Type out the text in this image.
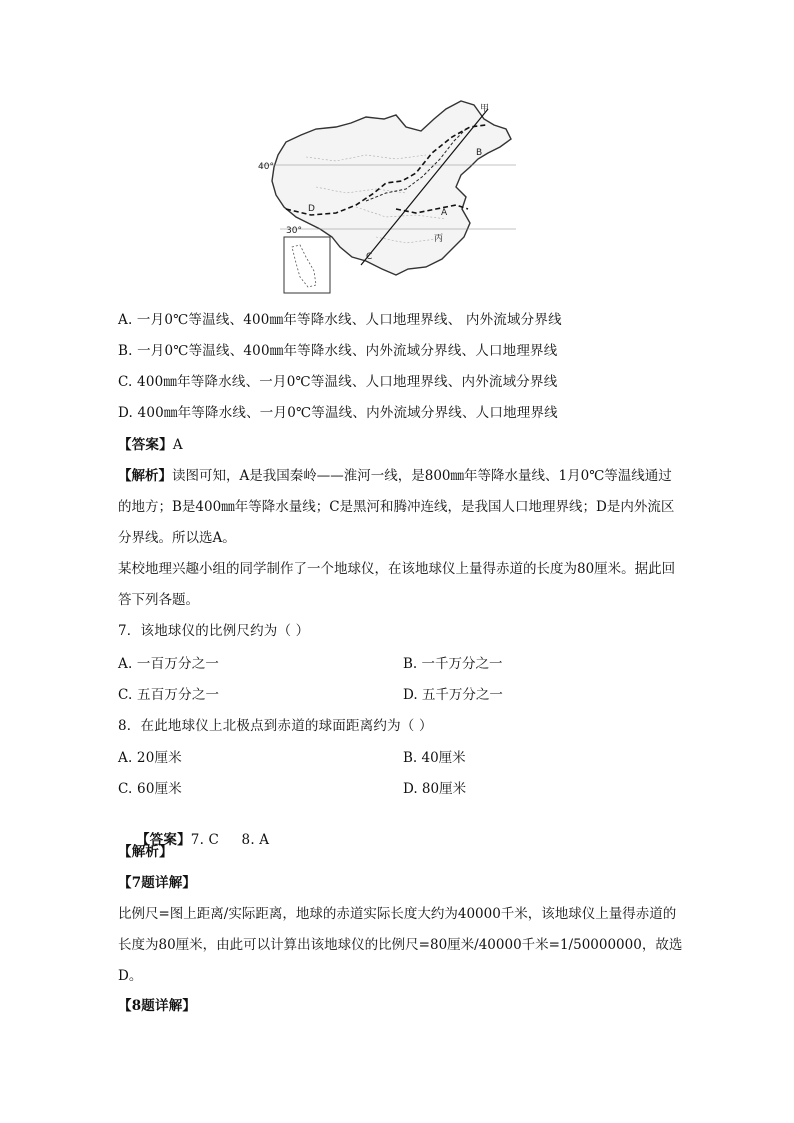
甲
B
A
丙
C
D
40°
30°
A. 一月0℃等温线、400㎜年等降水线、人口地理界线、 内外流域分界线
B. 一月0℃等温线、400㎜年等降水线、内外流域分界线、人口地理界线
C. 400㎜年等降水线、一月0℃等温线、人口地理界线、内外流域分界线
D. 400㎜年等降水线、一月0℃等温线、内外流域分界线、人口地理界线
【答案】A
【解析】读图可知，A是我国秦岭——淮河一线，是800㎜年等降水量线、1月0℃等温线通过的地方；B是400㎜年等降水量线；C是黑河和腾冲连线，是我国人口地理界线；D是内外流区分界线。所以选A。
某校地理兴趣小组的同学制作了一个地球仪，在该地球仪上量得赤道的长度为80厘米。据此回答下列各题。
7．该地球仪的比例尺约为（ ）
A. 一百万分之一	B. 一千万分之一
C. 五百万分之一	D. 五千万分之一
8．在此地球仪上北极点到赤道的球面距离约为（ ）
A. 20厘米	B. 40厘米
C. 60厘米	D. 80厘米

【答案】7. C     8. A

【解析】
【7题详解】
比例尺=图上距离/实际距离，地球的赤道实际长度大约为40000千米，该地球仪上量得赤道的长度为80厘米，由此可以计算出该地球仪的比例尺=80厘米/40000千米=1/50000000，故选D。
【8题详解】
